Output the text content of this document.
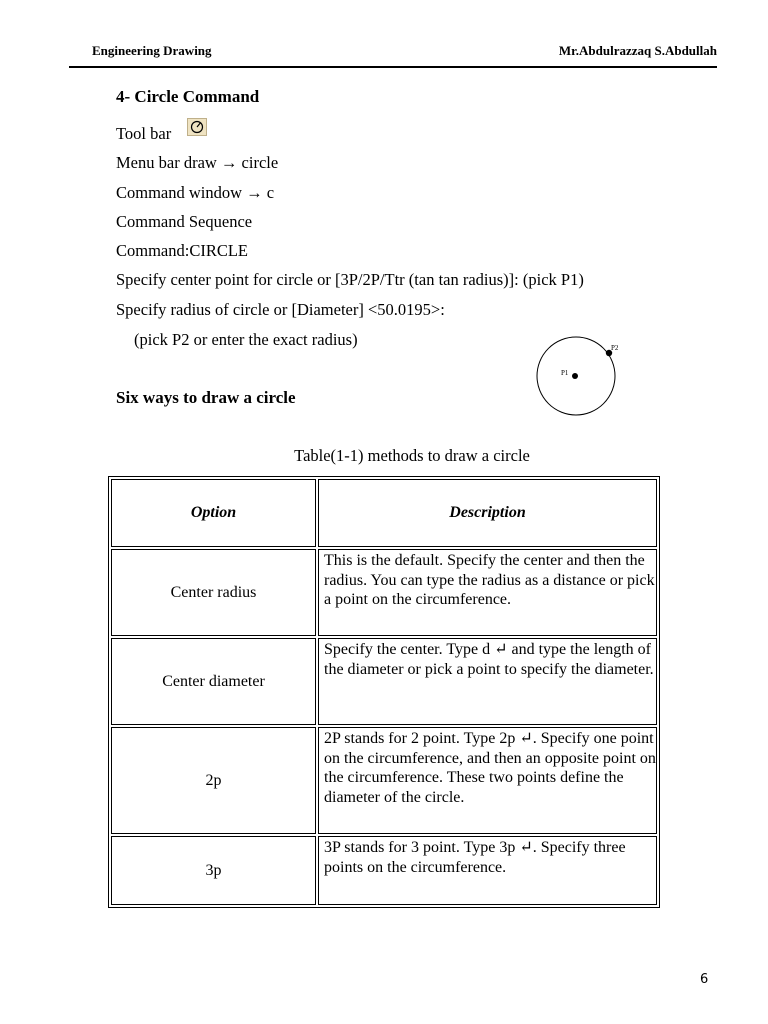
Engineering Drawing	Mr.Abdulrazzaq S.Abdullah
4- Circle Command
Tool bar
Menu bar draw → circle
Command window → c
Command Sequence
Command:CIRCLE
Specify center point for circle or [3P/2P/Ttr (tan tan radius)]: (pick P1)
Specify radius of circle or [Diameter] <50.0195>:
(pick P2 or enter the exact radius)
Six ways to draw a circle
P1
P2
Table(1-1) methods to draw a circle
Option	Description
Center radius	This is the default. Specify the center and then the radius. You can type the radius as a distance or pick a point on the circumference.
Center diameter	Specify the center. Type d ↵ and type the length of the diameter or pick a point to specify the diameter.
2p	2P stands for 2 point. Type 2p ↵. Specify one point on the circumference, and then an opposite point on the circumference. These two points define the diameter of the circle.
3p	3P stands for 3 point. Type 3p ↵. Specify three points on the circumference.
6
